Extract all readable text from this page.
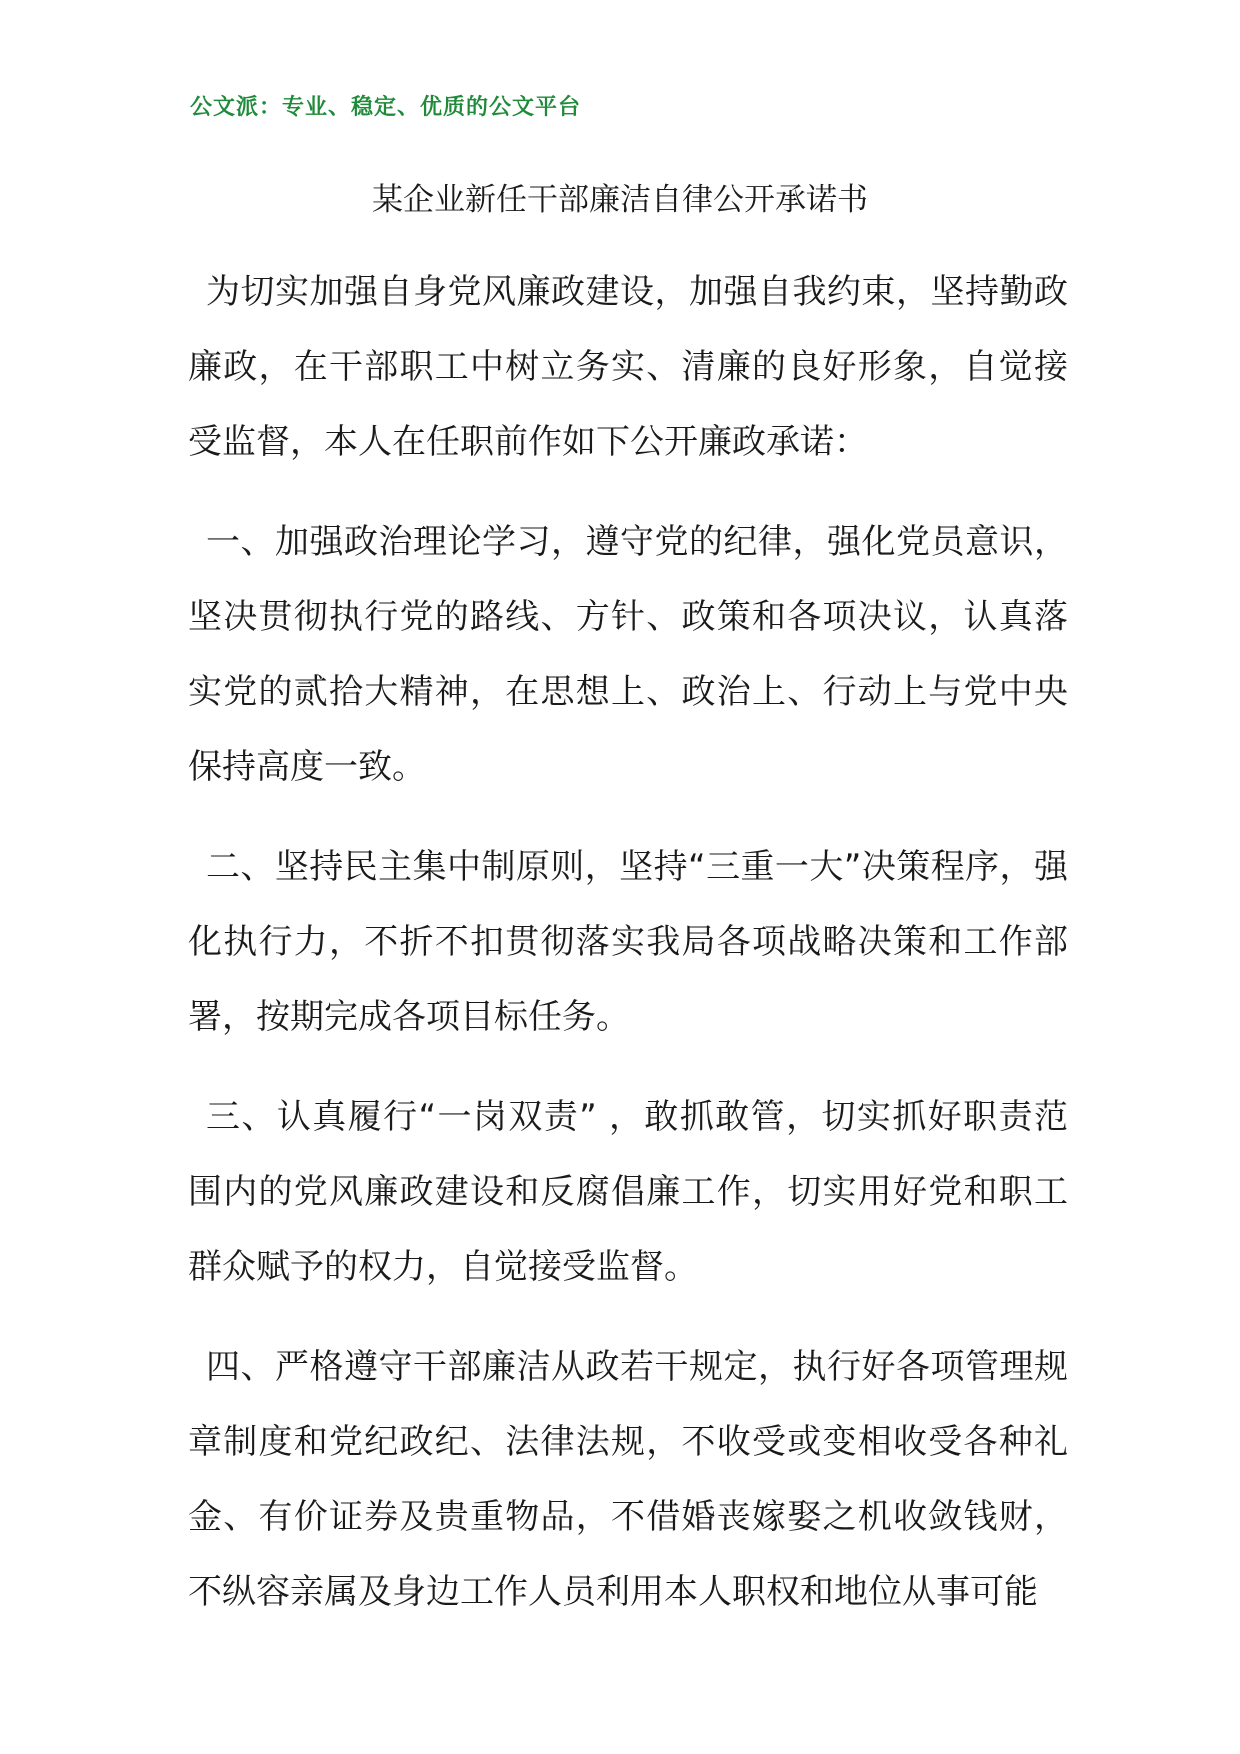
公文派：专业、稳定、优质的公文平台
某企业新任干部廉洁自律公开承诺书

为切实加强自身党风廉政建设，加强自我约束，坚持勤政廉政，在干部职工中树立务实、清廉的良好形象，自觉接受监督，本人在任职前作如下公开廉政承诺：

一、加强政治理论学习，遵守党的纪律，强化党员意识，坚决贯彻执行党的路线、方针、政策和各项决议，认真落实党的贰拾大精神，在思想上、政治上、行动上与党中央保持高度一致。

二、坚持民主集中制原则，坚持“三重一大”决策程序，强化执行力，不折不扣贯彻落实我局各项战略决策和工作部署，按期完成各项目标任务。

三、认真履行“一岗双责” ，敢抓敢管，切实抓好职责范围内的党风廉政建设和反腐倡廉工作，切实用好党和职工群众赋予的权力，自觉接受监督。

四、严格遵守干部廉洁从政若干规定，执行好各项管理规章制度和党纪政纪、法律法规，不收受或变相收受各种礼金、有价证券及贵重物品，不借婚丧嫁娶之机收敛钱财，不纵容亲属及身边工作人员利用本人职权和地位从事可能
